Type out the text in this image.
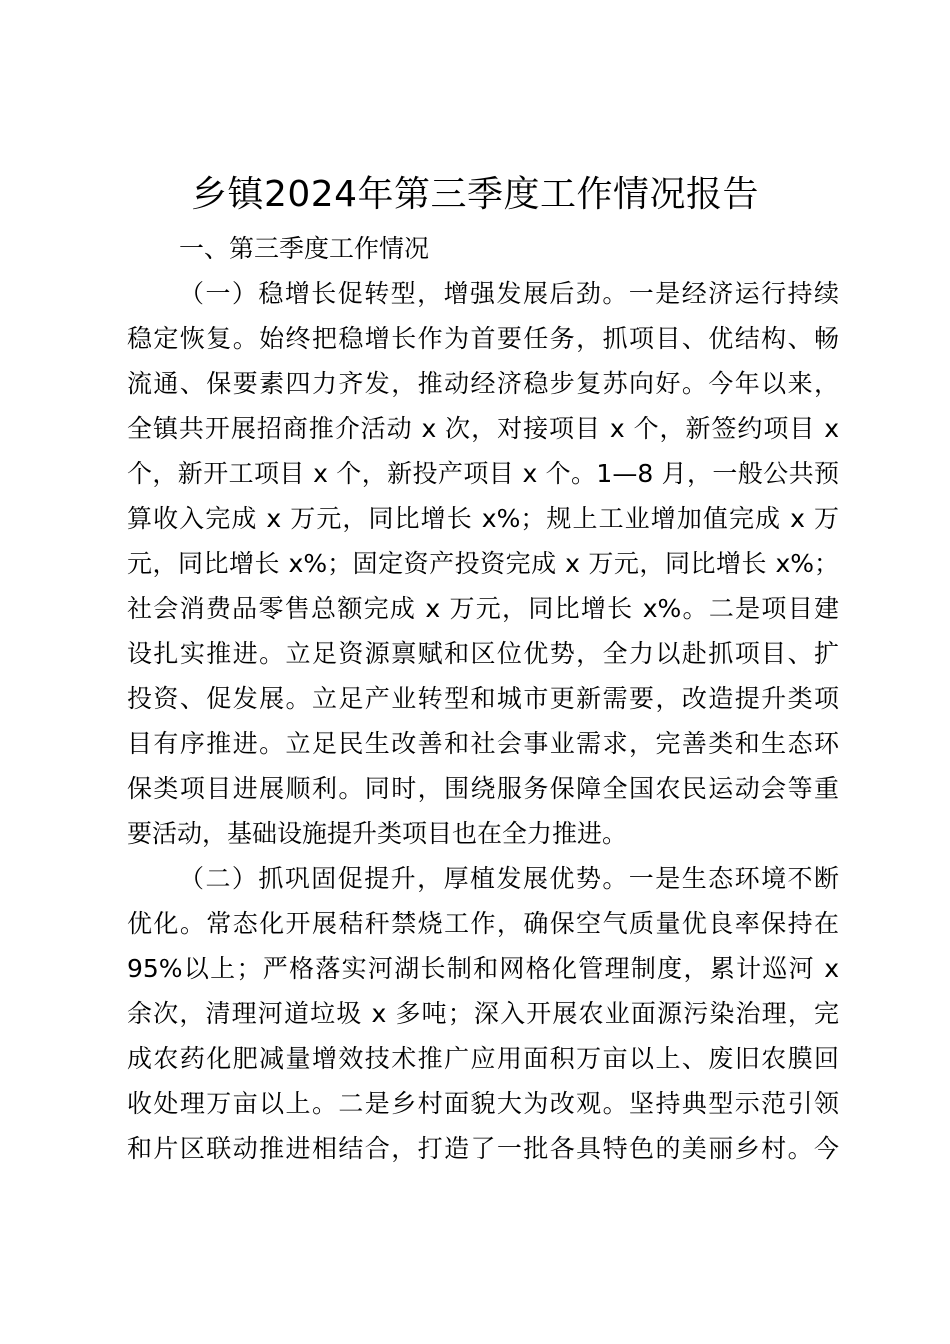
乡镇2024年第三季度工作情况报告
一、第三季度工作情况
（一）稳增长促转型，增强发展后劲。一是经济运行持续
稳定恢复。始终把稳增长作为首要任务，抓项目、优结构、畅
流通、保要素四力齐发，推动经济稳步复苏向好。今年以来，
全镇共开展招商推介活动 x 次，对接项目 x 个，新签约项目 x
个，新开工项目 x 个，新投产项目 x 个。1—8 月，一般公共预
算收入完成 x 万元，同比增长 x%；规上工业增加值完成 x 万
元，同比增长 x%；固定资产投资完成 x 万元，同比增长 x%；
社会消费品零售总额完成 x 万元，同比增长 x%。二是项目建
设扎实推进。立足资源禀赋和区位优势，全力以赴抓项目、扩
投资、促发展。立足产业转型和城市更新需要，改造提升类项
目有序推进。立足民生改善和社会事业需求，完善类和生态环
保类项目进展顺利。同时，围绕服务保障全国农民运动会等重
要活动，基础设施提升类项目也在全力推进。
（二）抓巩固促提升，厚植发展优势。一是生态环境不断
优化。常态化开展秸秆禁烧工作，确保空气质量优良率保持在
95%以上；严格落实河湖长制和网格化管理制度，累计巡河 x
余次，清理河道垃圾 x 多吨；深入开展农业面源污染治理，完
成农药化肥减量增效技术推广应用面积万亩以上、废旧农膜回
收处理万亩以上。二是乡村面貌大为改观。坚持典型示范引领
和片区联动推进相结合，打造了一批各具特色的美丽乡村。今
